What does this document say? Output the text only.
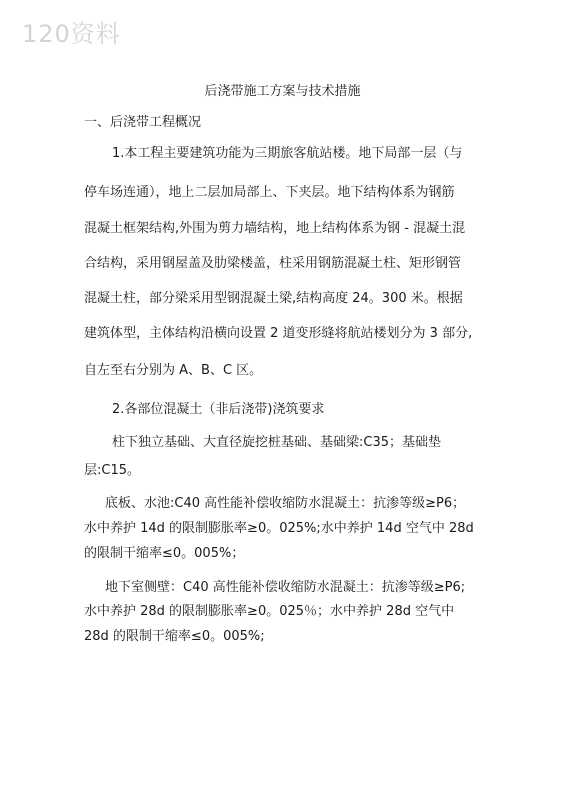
120资料
后浇带施工方案与技术措施
一、后浇带工程概况
1.本工程主要建筑功能为三期旅客航站楼。地下局部一层（与
停车场连通），地上二层加局部上、下夹层。地下结构体系为钢筋
混凝土框架结构,外围为剪力墙结构，地上结构体系为钢 - 混凝土混
合结构，采用钢屋盖及肋梁楼盖，柱采用钢筋混凝土柱、矩形钢管
混凝土柱，部分梁采用型钢混凝土梁,结构高度 24。300 米。根据
建筑体型，主体结构沿横向设置 2 道变形缝将航站楼划分为 3 部分,
自左至右分别为 A、B、C 区。
2.各部位混凝土（非后浇带)浇筑要求
柱下独立基础、大直径旋挖桩基础、基础梁:C35；基础垫
层:C15。
底板、水池:C40 高性能补偿收缩防水混凝土：抗渗等级≥P6；
水中养护 14d 的限制膨胀率≥0。025%;水中养护 14d 空气中 28d
的限制干缩率≤0。005%；
地下室侧壁：C40 高性能补偿收缩防水混凝土：抗渗等级≥P6;
水中养护 28d 的限制膨胀率≥0。025％；水中养护 28d 空气中
28d 的限制干缩率≤0。005%;
